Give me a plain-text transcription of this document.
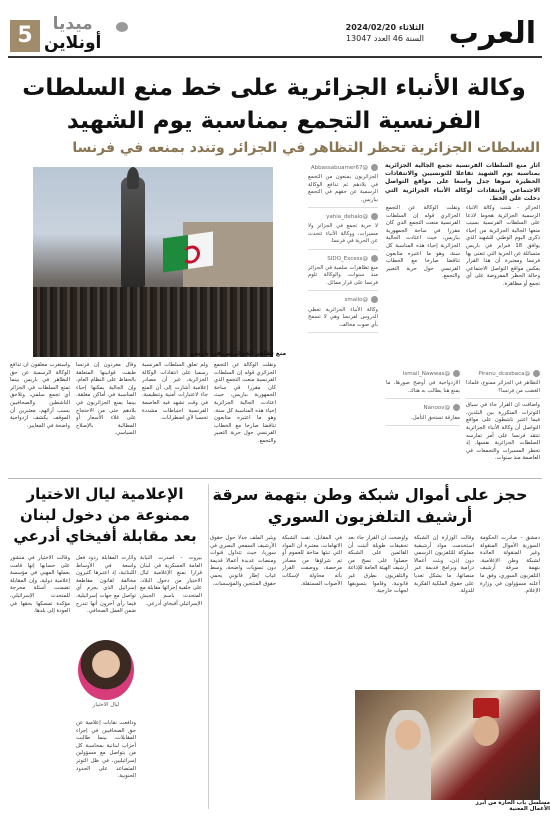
العرب
الثلاثاء 2024/02/20
السنة 46 العدد 13047
ميديا
أونلاين
5
وكالة الأنباء الجزائرية على خط منع السلطات الفرنسية التجمع بمناسبة يوم الشهيد
السلطات الجزائرية تحظر التظاهر في الجزائر وتندد بمنعه في فرنسا
أثار منع السلطات الفرنسية تجمع الجالية الجزائرية بمناسبة يوم الشهيد تفاعلا للتونسيين والانتقادات الحظيرة سوها جدل واسعا على مواقع التواصل الاجتماعي وانتقادات لوكالة الأنباء الجزائرية التي دخلت على الخط.
الجزائر - شنت وكالة الأنباء الرسمية الجزائرية هجوما لاذعا على السلطات الفرنسية بسبب منعها الجالية الجزائرية من إحياء ذكرى اليوم الوطني للشهيد الذي يوافق 18 فبراير في باريس متسائلة عن الحرية التي تتغنى بها فرنسا ومعتبرة أن هذا القرار يعكس مواقع التواصل الاجتماعي وحالة الحظر المفروضة على أي تجمع أو مظاهرة.
ونقلت الوكالة عن التجمع الجزائري قوله إن السلطات الفرنسية منعت التجمع الذي كان مقررا في ساحة الجمهورية بباريس، حيث اعتادت الجالية الجزائرية إحياء هذه المناسبة كل سنة، وهو ما اعتبره متابعون تناقضا صارخا مع الخطاب الفرنسي حول حرية التعبير والتجمع.
@Ismail_Nawwas
الازدواجية في أوضح صورها، ما يمنع هنا يطالب به هناك.
@Nanoov
مفارقة تستحق التأمل.
@Piranu_dcasbaca
التظاهر في الجزائر ممنوع، فلماذا الغضب من فرنسا؟
وأضافت أن القرار جاء في سياق التوترات المتكررة بين البلدين، فيما اعتبر ناشطون على مواقع التواصل أن وكالة الأنباء الجزائرية تنتقد فرنسا على أمر تمارسه السلطات الجزائرية نفسها، إذ تحظر المسيرات والتجمعات في العاصمة منذ سنوات.
@Abbassabuamer67
الجزائريون يمنعون من التجمع في بلادهم ثم تدافع الوكالة الرسمية عن حقهم في التجمع بباريس.
@yahia_dehalo
لا حرية تجمع في الجزائر ولا مسيرات، ووكالة الأنباء تتحدث عن الحرية في فرنسا.
@SIDO_Excess
منع تظاهرات سلمية في الجزائر منذ سنوات، والوكالة تلوم فرنسا على قرار مماثل.
@smailo
وكالة الأنباء الجزائرية تعطي الدروس لفرنسا وهي لا تسمح بأي صوت مخالف.
منع تظاهر الجزائريين في باريس
واستغرب معلقون أن تدافع الوكالة الرسمية عن حق التظاهر في باريس بينما تمنع السلطات في الجزائر أي تجمع سلمي، وتلاحق الناشطين والصحافيين بسبب آرائهم، معتبرين أن الموقف يكشف ازدواجية واضحة في المعايير.
وقال مغردون إن فرنسا طبقت قوانينها المتعلقة بالحفاظ على النظام العام، وإن الجالية يمكنها إحياء المناسبة في أماكن مغلقة، بينما يمنع الجزائريون في بلادهم حتى من الاحتجاج على غلاء الأسعار أو المطالبة بالإصلاح السياسي.
ولم تعلق السلطات الفرنسية رسميا على انتقادات الوكالة الجزائرية، غير أن مصادر إعلامية أشارت إلى أن المنع جاء لاعتبارات أمنية وتنظيمية، في وقت تشهد فيه العاصمة الفرنسية احتياطات مشددة تحسبا لأي اضطرابات.
ونقلت الوكالة عن التجمع الجزائري قوله إن السلطات الفرنسية منعت التجمع الذي كان مقررا في ساحة الجمهورية بباريس، حيث اعتادت الجالية الجزائرية إحياء هذه المناسبة كل سنة، وهو ما اعتبره متابعون تناقضا صارخا مع الخطاب الفرنسي حول حرية التعبير والتجمع.
حجز على أموال شبكة وطن بتهمة سرقة أرشيف التلفزيون السوري
دمشق - صادرت الحكومة السورية الأموال المنقولة وغير المنقولة العائدة لشبكة وطن الإعلامية، بتهمة سرقة أرشيف التلفزيون السوري، وفق ما أعلنه مسؤولون في وزارة الإعلام.
وقالت الوزارة إن الشبكة استخدمت مواد أرشيفية مملوكة للتلفزيون الرسمي دون إذن، وبثت أعمالا درامية وبرامج قديمة عبر منصاتها، ما يشكل تعديا على حقوق الملكية الفكرية للدولة.
وأوضحت أن القرار جاء بعد تحقيقات طويلة أثبتت أن القائمين على الشبكة حصلوا على نسخ من أرشيف الهيئة العامة للإذاعة والتلفزيون بطرق غير قانونية، وقاموا بتسويقها لجهات خارجية.
في المقابل، نفت الشبكة الاتهامات، معتبرة أن المواد التي تبثها متاحة للعموم أو تم شراؤها من مصادر مرخصة، ووصفت القرار بأنه محاولة لإسكات الأصوات المستقلة.
ويثير الملف جدلا حول حقوق الأرشيف السمعي البصري في سوريا، حيث تتداول قنوات ومنصات عديدة أعمالا قديمة دون تسويات واضحة، وسط غياب إطار قانوني يحمي حقوق المنتجين والمؤسسات.
مسلسل باب الحارة من أبرز الأعمال المعنية
الإعلامية ليال الاختيار ممنوعة من دخول لبنان بعد مقابلة أفيخاي أدرعي
وقالت الاختيار في منشور على حسابها إنها قامت بعملها المهني في مؤسسة إعلامية دولية، وإن المقابلة تضمنت أسئلة محرجة للمتحدث الإسرائيلي، مؤكدة تمسكها بحقها في العودة إلى بلدها.
بيروت - أصدرت النيابة العامة العسكرية في لبنان قرارا بمنع الإعلامية ليال الاختيار من دخول البلاد، على خلفية إجرائها مقابلة مع المتحدث باسم الجيش الإسرائيلي أفيخاي أدرعي.
ليال الاختيار
وأثارت المقابلة ردود فعل واسعة في الأوساط اللبنانية، إذ اعتبرها كثيرون مخالفة لقانون مقاطعة إسرائيل الذي يجرم أي تواصل مع جهات إسرائيلية، فيما رأى آخرون أنها تندرج ضمن العمل الصحافي.
ودافعت نقابات إعلامية عن حق الصحافيين في إجراء المقابلات، بينما طالبت أحزاب لبنانية بمحاسبة كل من يتواصل مع مسؤولين إسرائيليين، في ظل التوتر المتصاعد على الحدود الجنوبية.
